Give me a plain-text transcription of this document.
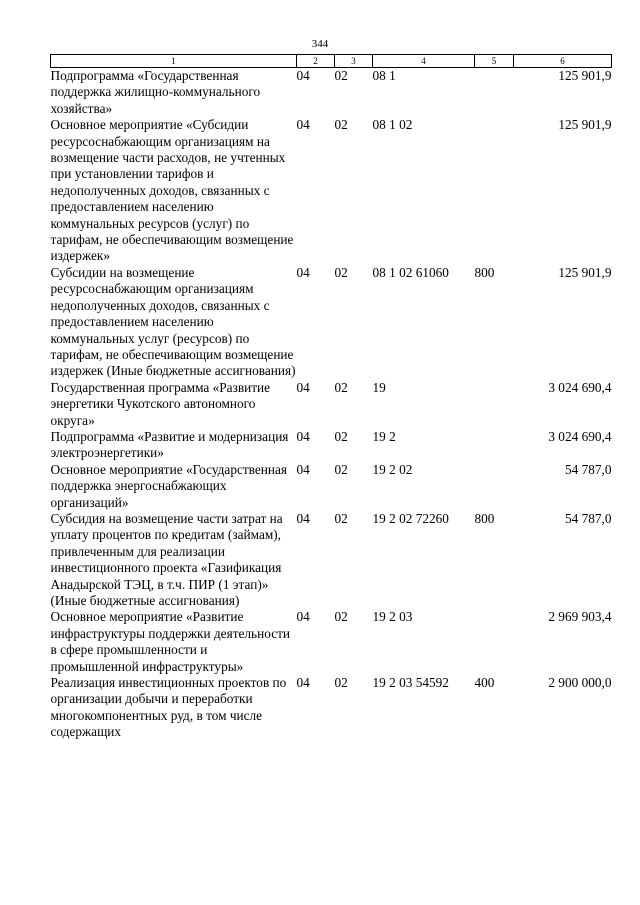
344
1	2	3	4	5	6
Подпрограмма «Государственная поддержка жилищно-коммунального хозяйства»	04	02	08 1		125 901,9
Основное мероприятие «Субсидии ресурсоснабжающим организациям на возмещение части расходов, не учтенных при установлении тарифов и недополученных доходов, связанных с предоставлением населению коммунальных ресурсов (услуг) по тарифам, не обеспечивающим возмещение издержек»	04	02	08 1 02		125 901,9
Субсидии на возмещение ресурсоснабжающим организациям недополученных доходов, связанных с предоставлением населению коммунальных услуг (ресурсов) по тарифам, не обеспечивающим возмещение издержек (Иные бюджетные ассигнования)	04	02	08 1 02 61060	800	125 901,9
Государственная программа «Развитие энергетики Чукотского автономного округа»	04	02	19		3 024 690,4
Подпрограмма «Развитие и модернизация электроэнергетики»	04	02	19 2		3 024 690,4
Основное мероприятие «Государственная поддержка энергоснабжающих организаций»	04	02	19 2 02		54 787,0
Субсидия на возмещение части затрат на уплату процентов по кредитам (займам), привлеченным для реализации инвестиционного проекта «Газификация Анадырской ТЭЦ, в т.ч. ПИР (1 этап)» (Иные бюджетные ассигнования)	04	02	19 2 02 72260	800	54 787,0
Основное мероприятие «Развитие инфраструктуры поддержки деятельности в сфере промышленности и промышленной инфраструктуры»	04	02	19 2 03		2 969 903,4
Реализация инвестиционных проектов по организации добычи и переработки многокомпонентных руд, в том числе содержащих	04	02	19 2 03 54592	400	2 900 000,0
